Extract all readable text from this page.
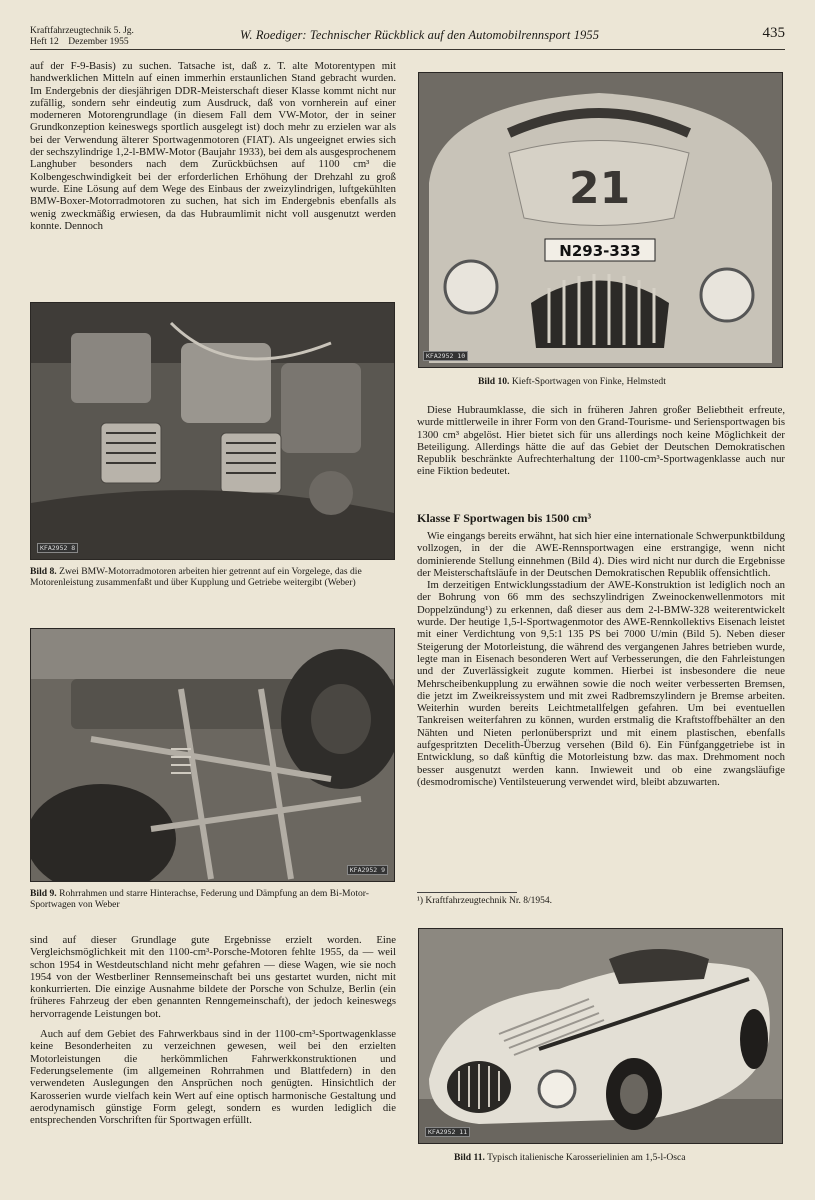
Kraftfahrzeugtechnik 5. Jg.
Heft 12    Dezember 1955	W. Roediger: Technischer Rückblick auf den Automobilrennsport 1955	435

auf der F-9-Basis) zu suchen. Tatsache ist, daß z. T. alte Motorentypen mit handwerklichen Mitteln auf einen immerhin erstaunlichen Stand gebracht wurden. Im Endergebnis der diesjährigen DDR-Meisterschaft dieser Klasse kommt nicht nur zufällig, sondern sehr eindeutig zum Ausdruck, daß von vornherein auf einer moderneren Motorengrundlage (in diesem Fall dem VW-Motor, der in seiner Grundkonzeption keineswegs sportlich ausgelegt ist) doch mehr zu erzielen war als bei der Verwendung älterer Sportwagenmotoren (FIAT). Als ungeeignet erwies sich der sechszylindrige 1,2-l-BMW-Motor (Baujahr 1933), bei dem als ausgesprochenem Langhuber besonders nach dem Zurückbüchsen auf 1100 cm³ die Kolbengeschwindigkeit bei der erforderlichen Erhöhung der Drehzahl zu groß wurde. Eine Lösung auf dem Wege des Einbaus der zweizylindrigen, luftgekühlten BMW-Boxer-Motorradmotoren zu suchen, hat sich im Endergebnis ebenfalls als wenig zweckmäßig erwiesen, da das Hubraumlimit nicht voll ausgenutzt werden konnte. Dennoch

KFA2952 8
Bild 8. Zwei BMW-Motorradmotoren arbeiten hier getrennt auf ein Vorgelege, das die Motorenleistung zusammenfaßt und über Kupplung und Getriebe weitergibt (Weber)
KFA2952 9
Bild 9. Rohrrahmen und starre Hinterachse, Federung und Dämpfung an dem Bi-Motor-Sportwagen von Weber

sind auf dieser Grundlage gute Ergebnisse erzielt worden. Eine Vergleichsmöglichkeit mit den 1100-cm³-Porsche-Motoren fehlte 1955, da — weil schon 1954 in Westdeutschland nicht mehr gefahren — diese Wagen, wie sie noch 1954 von der Westberliner Rennsemeinschaft bei uns gestartet wurden, nicht mit konkurrierten. Die einzige Ausnahme bildete der Porsche von Schulze, Berlin (ein früheres Fahrzeug der eben genannten Renngemeinschaft), der jedoch keineswegs hervorragende Leistungen bot.

Auch auf dem Gebiet des Fahrwerkbaus sind in der 1100-cm³-Sportwagenklasse keine Besonderheiten zu verzeichnen gewesen, weil bei den erzielten Motorleistungen die herkömmlichen Fahrwerkkonstruktionen und Federungselemente (im allgemeinen Rohrrahmen und Blattfedern) in den verwendeten Auslegungen den Ansprüchen noch genügten. Hinsichtlich der Karosserien wurde vielfach kein Wert auf eine optisch harmonische Gestaltung und aerodynamisch günstige Form gelegt, sondern es wurden lediglich die entsprechenden Vorschriften für Sportwagen erfüllt.

21
N293-333
KFA2952 10
Bild 10. Kieft-Sportwagen von Finke, Helmstedt

Diese Hubraumklasse, die sich in früheren Jahren großer Beliebtheit erfreute, wurde mittlerweile in ihrer Form von den Grand-Tourisme- und Seriensportwagen bis 1300 cm³ abgelöst. Hier bietet sich für uns allerdings noch keine Möglichkeit der Beteiligung. Allerdings hätte die auf das Gebiet der Deutschen Demokratischen Republik beschränkte Aufrechterhaltung der 1100-cm³-Sportwagenklasse auch nur eine Fiktion bedeutet.

Klasse F Sportwagen bis 1500 cm³

Wie eingangs bereits erwähnt, hat sich hier eine internationale Schwerpunktbildung vollzogen, in der die AWE-Rennsportwagen eine erstrangige, wenn nicht dominierende Stellung einnehmen (Bild 4). Dies wird nicht nur durch die Ergebnisse der Meisterschaftsläufe in der Deutschen Demokratischen Republik offensichtlich.

Im derzeitigen Entwicklungsstadium der AWE-Konstruktion ist lediglich noch an der Bohrung von 66 mm des sechszylindrigen Zweinockenwellenmotors mit Doppelzündung¹) zu erkennen, daß dieser aus dem 2-l-BMW-328 weiterentwickelt wurde. Der heutige 1,5-l-Sportwagenmotor des AWE-Rennkollektivs Eisenach leistet mit einer Verdichtung von 9,5:1 135 PS bei 7000 U/min (Bild 5). Neben dieser Steigerung der Motorleistung, die während des vergangenen Jahres betrieben wurde, legte man in Eisenach besonderen Wert auf Verbesserungen, die den Fahrleistungen und der Zuverlässigkeit zugute kommen. Hierbei ist insbesondere die neue Mehrscheibenkupplung zu erwähnen sowie die noch weiter verbesserten Bremsen, die jetzt im Zweikreissystem und mit zwei Radbremszylindern je Bremse arbeiten. Weiterhin wurden bereits Leichtmetallfelgen gefahren. Um bei eventuellen Tankreisen weiterfahren zu können, wurden erstmalig die Kraftstoffbehälter an den Nähten und Nieten perlonübersprizt und mit einem plastischen, ebenfalls aufgespritzten Decelith-Überzug versehen (Bild 6). Ein Fünfganggetriebe ist in Entwicklung, so daß künftig die Motorleistung bzw. das max. Drehmoment noch besser ausgenutzt werden kann. Inwieweit und ob eine zwangsläufige (desmodromische) Ventilsteuerung verwendet wird, bleibt abzuwarten.

¹) Kraftfahrzeugtechnik Nr. 8/1954.
KFA2952 11
Bild 11. Typisch italienische Karosserielinien am 1,5-l-Osca
